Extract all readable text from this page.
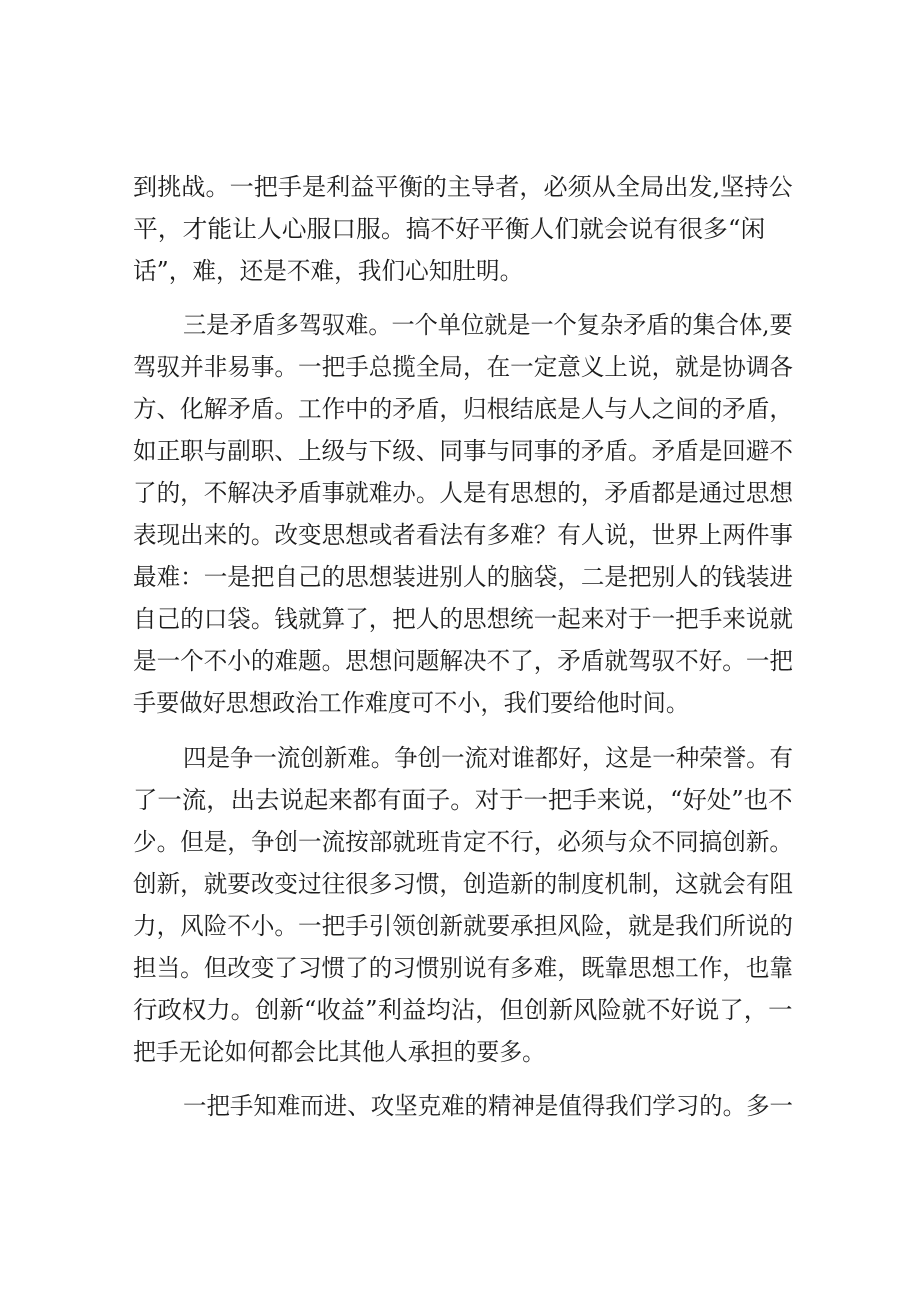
到挑战。一把手是利益平衡的主导者，必须从全局出发,坚持公
平，才能让人心服口服。搞不好平衡人们就会说有很多“闲
话”，难，还是不难，我们心知肚明。
三是矛盾多驾驭难。一个单位就是一个复杂矛盾的集合体,要
驾驭并非易事。一把手总揽全局，在一定意义上说，就是协调各
方、化解矛盾。工作中的矛盾，归根结底是人与人之间的矛盾，
如正职与副职、上级与下级、同事与同事的矛盾。矛盾是回避不
了的，不解决矛盾事就难办。人是有思想的，矛盾都是通过思想
表现出来的。改变思想或者看法有多难？有人说，世界上两件事
最难：一是把自己的思想装进别人的脑袋，二是把别人的钱装进
自己的口袋。钱就算了，把人的思想统一起来对于一把手来说就
是一个不小的难题。思想问题解决不了，矛盾就驾驭不好。一把
手要做好思想政治工作难度可不小，我们要给他时间。
四是争一流创新难。争创一流对谁都好，这是一种荣誉。有
了一流，出去说起来都有面子。对于一把手来说，“好处”也不
少。但是，争创一流按部就班肯定不行，必须与众不同搞创新。
创新，就要改变过往很多习惯，创造新的制度机制，这就会有阻
力，风险不小。一把手引领创新就要承担风险，就是我们所说的
担当。但改变了习惯了的习惯别说有多难，既靠思想工作，也靠
行政权力。创新“收益”利益均沾，但创新风险就不好说了，一
把手无论如何都会比其他人承担的要多。
一把手知难而进、攻坚克难的精神是值得我们学习的。多一
